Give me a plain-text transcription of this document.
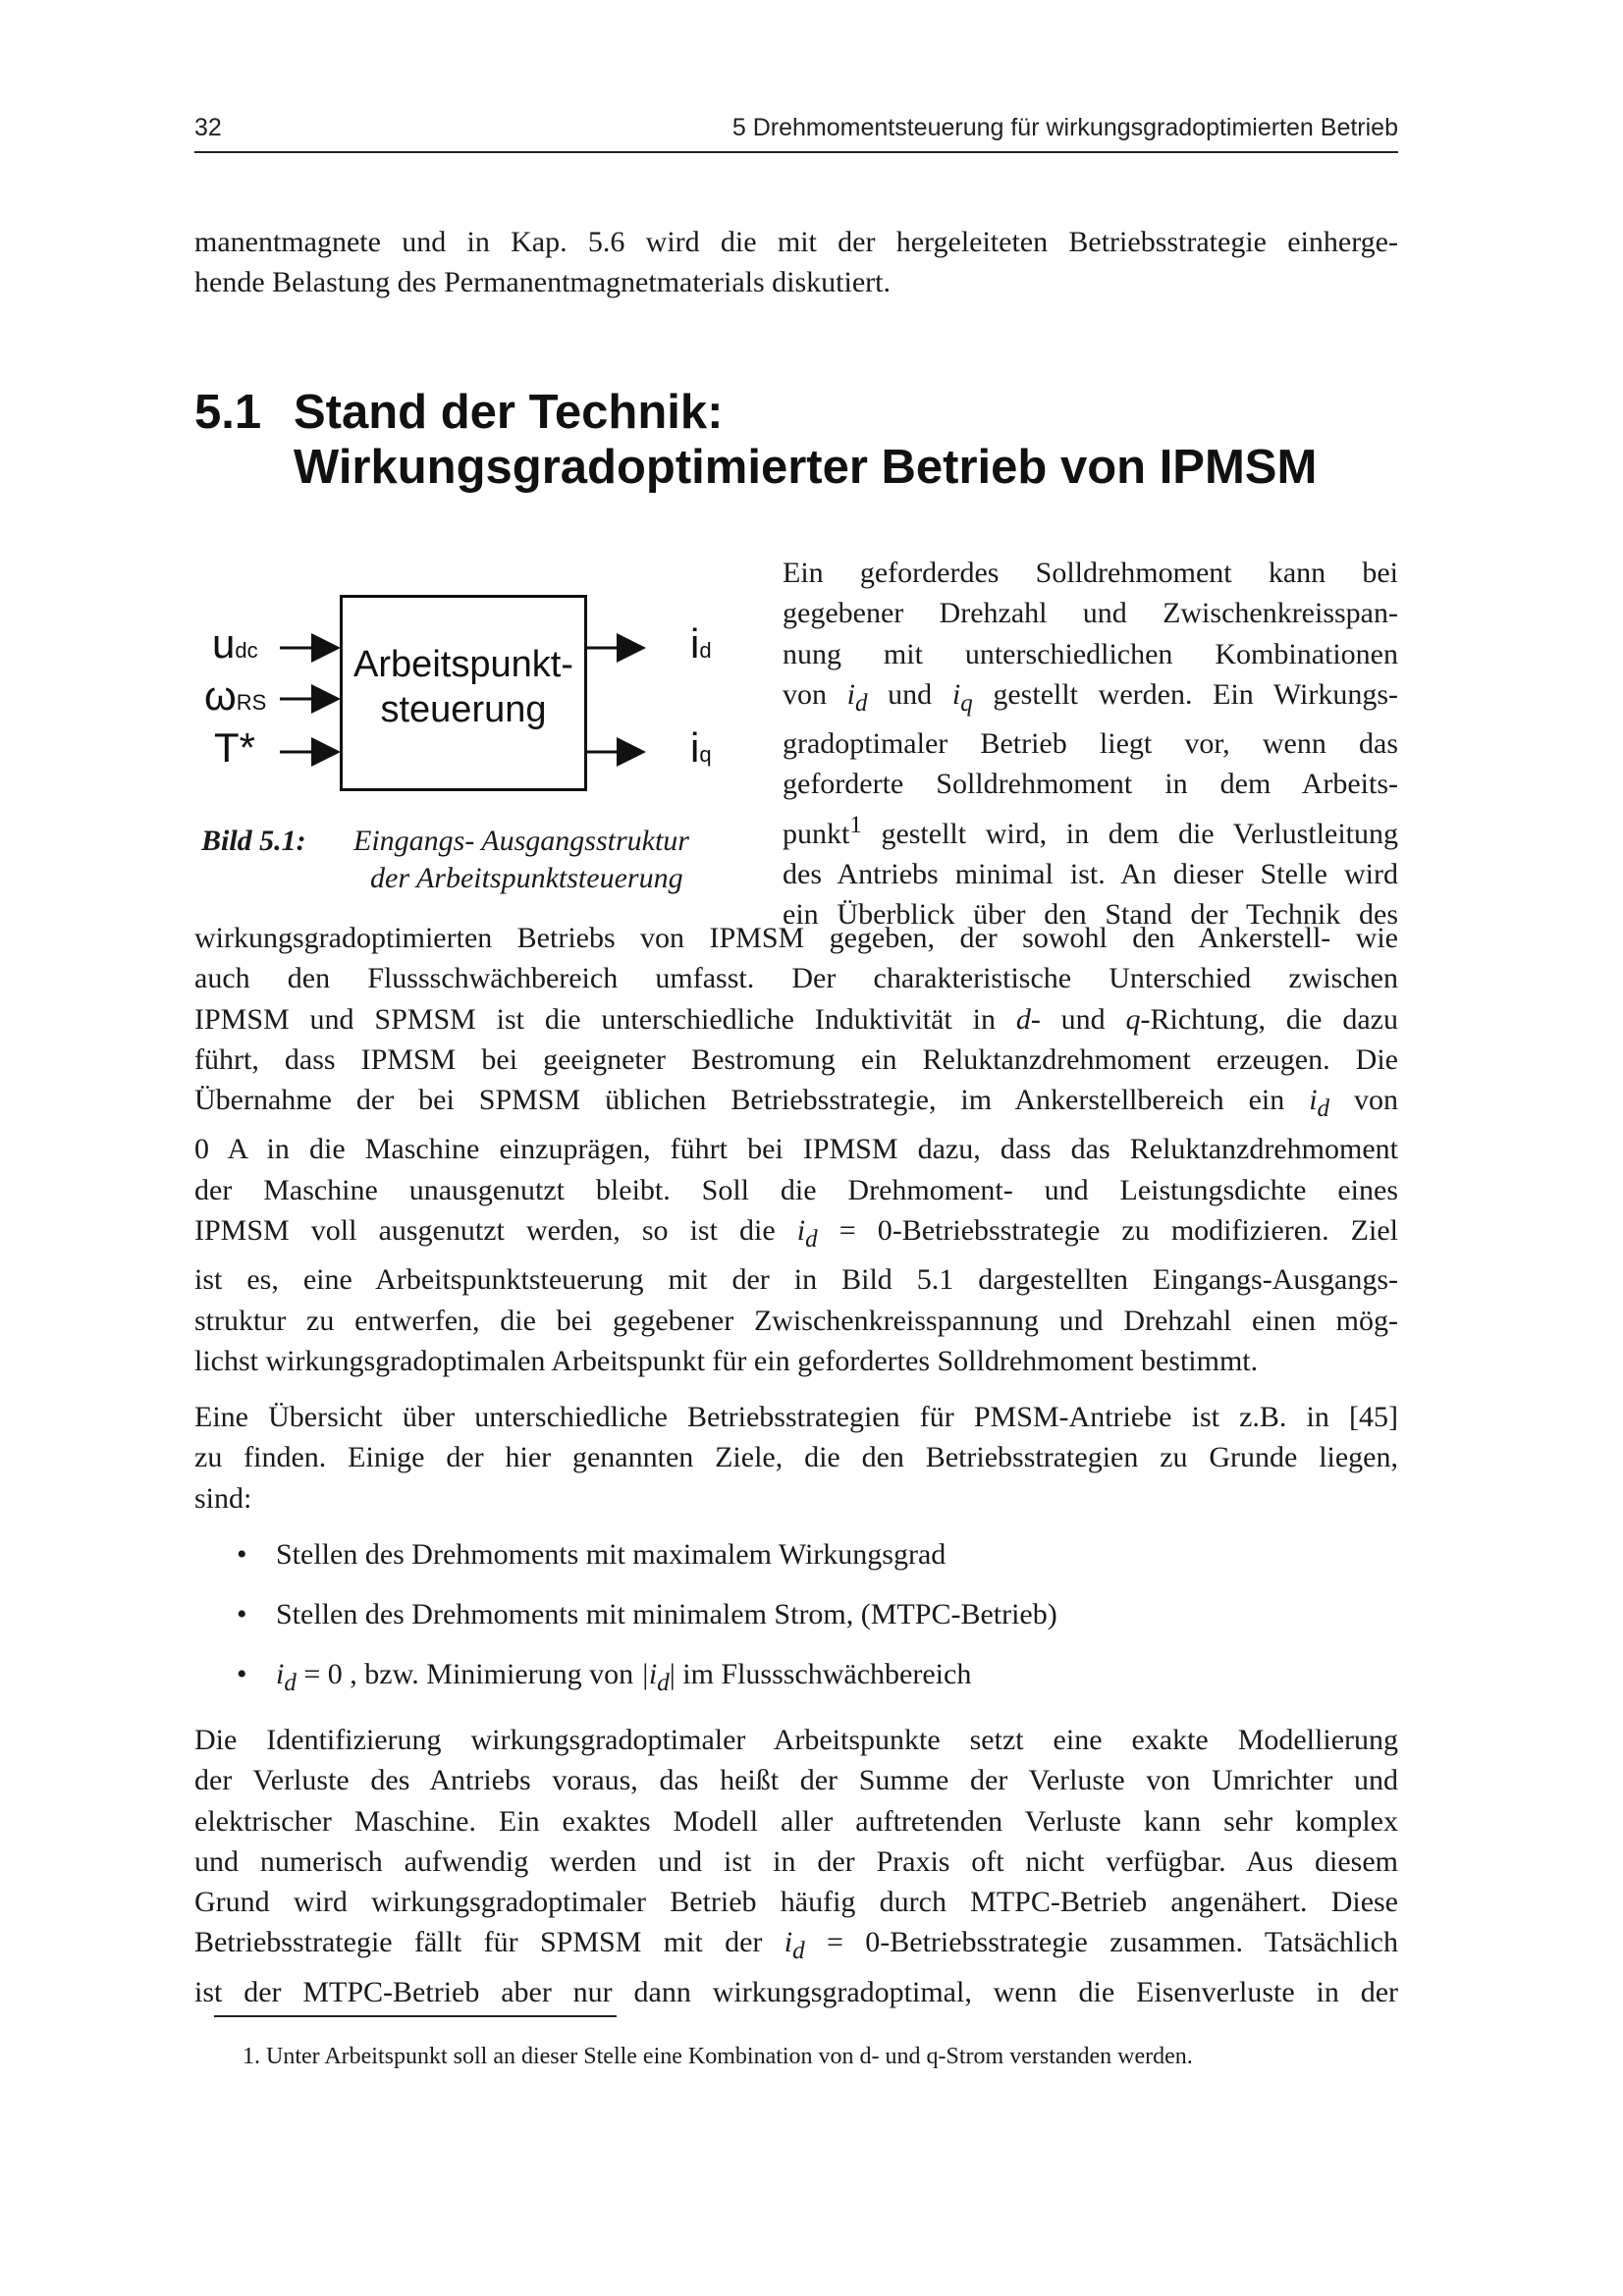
32	5 Drehmomentsteuerung für wirkungsgradoptimierten Betrieb
manentmagnete und in Kap. 5.6 wird die mit der hergeleiteten Betriebsstrategie einherge-
hende Belastung des Permanentmagnetmaterials diskutiert.
5.1 Stand der Technik:
Wirkungsgradoptimierter Betrieb von IPMSM
Arbeitspunkt-
steuerung
udc
ωRS
T*
id
iq
Bild 5.1: Eingangs- Ausgangsstruktur
der Arbeitspunktsteuerung
Ein geforderdes Solldrehmoment kann bei
gegebener Drehzahl und Zwischenkreisspan-
nung mit unterschiedlichen Kombinationen
von $i_d$ und $i_q$ gestellt werden. Ein Wirkungs-
gradoptimaler Betrieb liegt vor, wenn das
geforderte Solldrehmoment in dem Arbeits-
punkt$^1$ gestellt wird, in dem die Verlustleitung
des Antriebs minimal ist. An dieser Stelle wird
ein Überblick über den Stand der Technik des
wirkungsgradoptimierten Betriebs von IPMSM gegeben, der sowohl den Ankerstell- wie
auch den Flussschwächbereich umfasst. Der charakteristische Unterschied zwischen
IPMSM und SPMSM ist die unterschiedliche Induktivität in d- und q-Richtung, die dazu
führt, dass IPMSM bei geeigneter Bestromung ein Reluktanzdrehmoment erzeugen. Die
Übernahme der bei SPMSM üblichen Betriebsstrategie, im Ankerstellbereich ein $i_d$ von
0 A in die Maschine einzuprägen, führt bei IPMSM dazu, dass das Reluktanzdrehmoment
der Maschine unausgenutzt bleibt. Soll die Drehmoment- und Leistungsdichte eines
IPMSM voll ausgenutzt werden, so ist die $i_d$ = 0-Betriebsstrategie zu modifizieren. Ziel
ist es, eine Arbeitspunktsteuerung mit der in Bild 5.1 dargestellten Eingangs-Ausgangs-
struktur zu entwerfen, die bei gegebener Zwischenkreisspannung und Drehzahl einen mög-
lichst wirkungsgradoptimalen Arbeitspunkt für ein gefordertes Solldrehmoment bestimmt.
Eine Übersicht über unterschiedliche Betriebsstrategien für PMSM-Antriebe ist z.B. in [45]
zu finden. Einige der hier genannten Ziele, die den Betriebsstrategien zu Grunde liegen,
sind:
• Stellen des Drehmoments mit maximalem Wirkungsgrad
• Stellen des Drehmoments mit minimalem Strom, (MTPC-Betrieb)
• $i_d = 0$ , bzw. Minimierung von $|i_d|$ im Flussschwächbereich
Die Identifizierung wirkungsgradoptimaler Arbeitspunkte setzt eine exakte Modellierung
der Verluste des Antriebs voraus, das heißt der Summe der Verluste von Umrichter und
elektrischer Maschine. Ein exaktes Modell aller auftretenden Verluste kann sehr komplex
und numerisch aufwendig werden und ist in der Praxis oft nicht verfügbar. Aus diesem
Grund wird wirkungsgradoptimaler Betrieb häufig durch MTPC-Betrieb angenähert. Diese
Betriebsstrategie fällt für SPMSM mit der $i_d$ = 0-Betriebsstrategie zusammen. Tatsächlich
ist der MTPC-Betrieb aber nur dann wirkungsgradoptimal, wenn die Eisenverluste in der
1. Unter Arbeitspunkt soll an dieser Stelle eine Kombination von d- und q-Strom verstanden werden.
